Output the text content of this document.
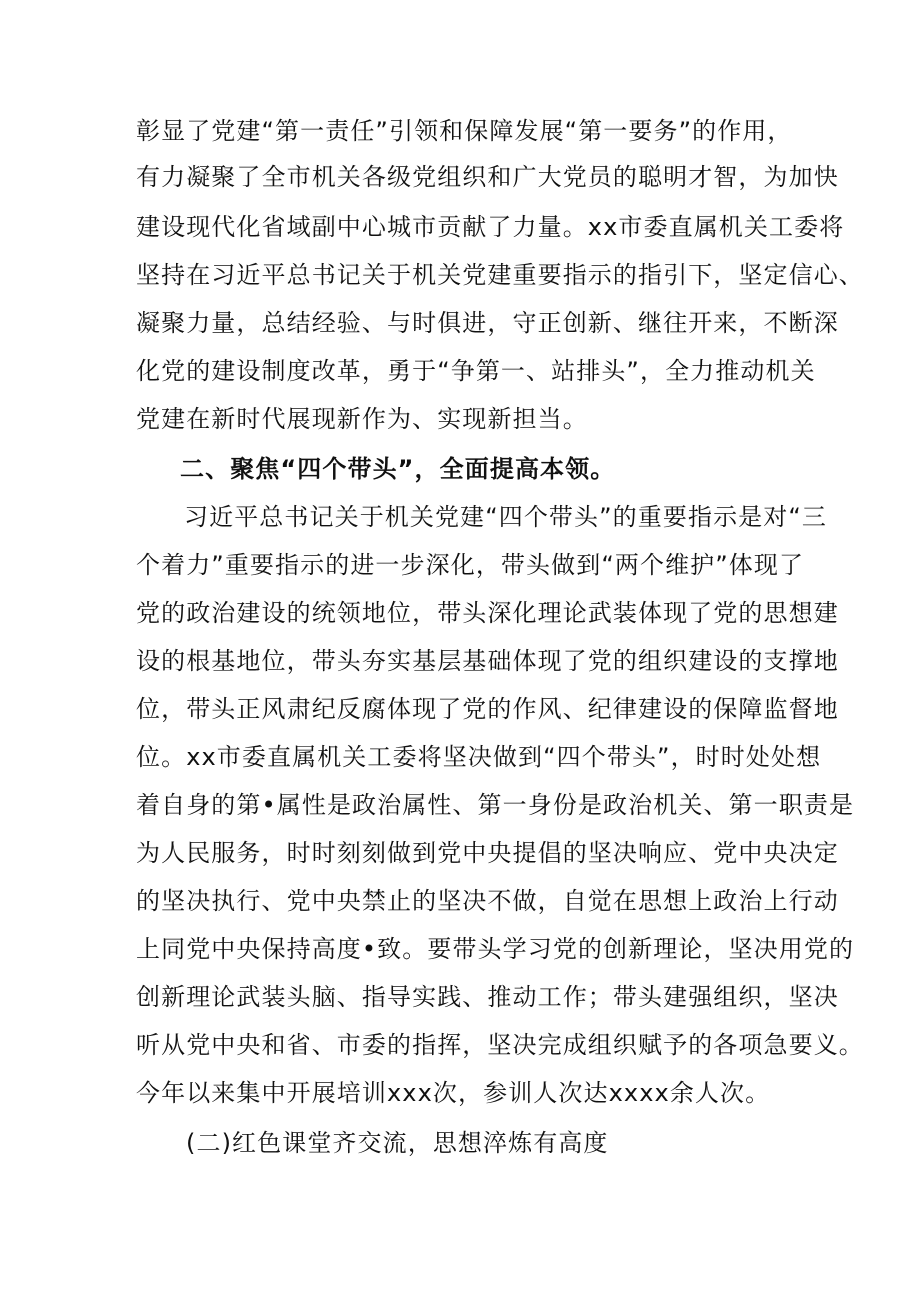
彰显了党建“第一责任”引领和保障发展“第一要务”的作用，
有力凝聚了全市机关各级党组织和广大党员的聪明才智，为加快
建设现代化省域副中心城市贡献了力量。xx市委直属机关工委将
坚持在习近平总书记关于机关党建重要指示的指引下，坚定信心、
凝聚力量，总结经验、与时俱进，守正创新、继往开来，不断深
化党的建设制度改革，勇于“争第一、站排头”，全力推动机关
党建在新时代展现新作为、实现新担当。
二、聚焦“四个带头”，全面提高本领。
习近平总书记关于机关党建“四个带头”的重要指示是对“三
个着力”重要指示的进一步深化，带头做到“两个维护”体现了
党的政治建设的统领地位，带头深化理论武装体现了党的思想建
设的根基地位，带头夯实基层基础体现了党的组织建设的支撑地
位，带头正风肃纪反腐体现了党的作风、纪律建设的保障监督地
位。xx市委直属机关工委将坚决做到“四个带头”，时时处处想
着自身的第•属性是政治属性、第一身份是政治机关、第一职责是
为人民服务，时时刻刻做到党中央提倡的坚决响应、党中央决定
的坚决执行、党中央禁止的坚决不做，自觉在思想上政治上行动
上同党中央保持高度•致。要带头学习党的创新理论，坚决用党的
创新理论武装头脑、指导实践、推动工作；带头建强组织，坚决
听从党中央和省、市委的指挥，坚决完成组织赋予的各项急要义。
今年以来集中开展培训xxx次，参训人次达xxxx余人次。
(二)红色课堂齐交流，思想淬炼有高度
